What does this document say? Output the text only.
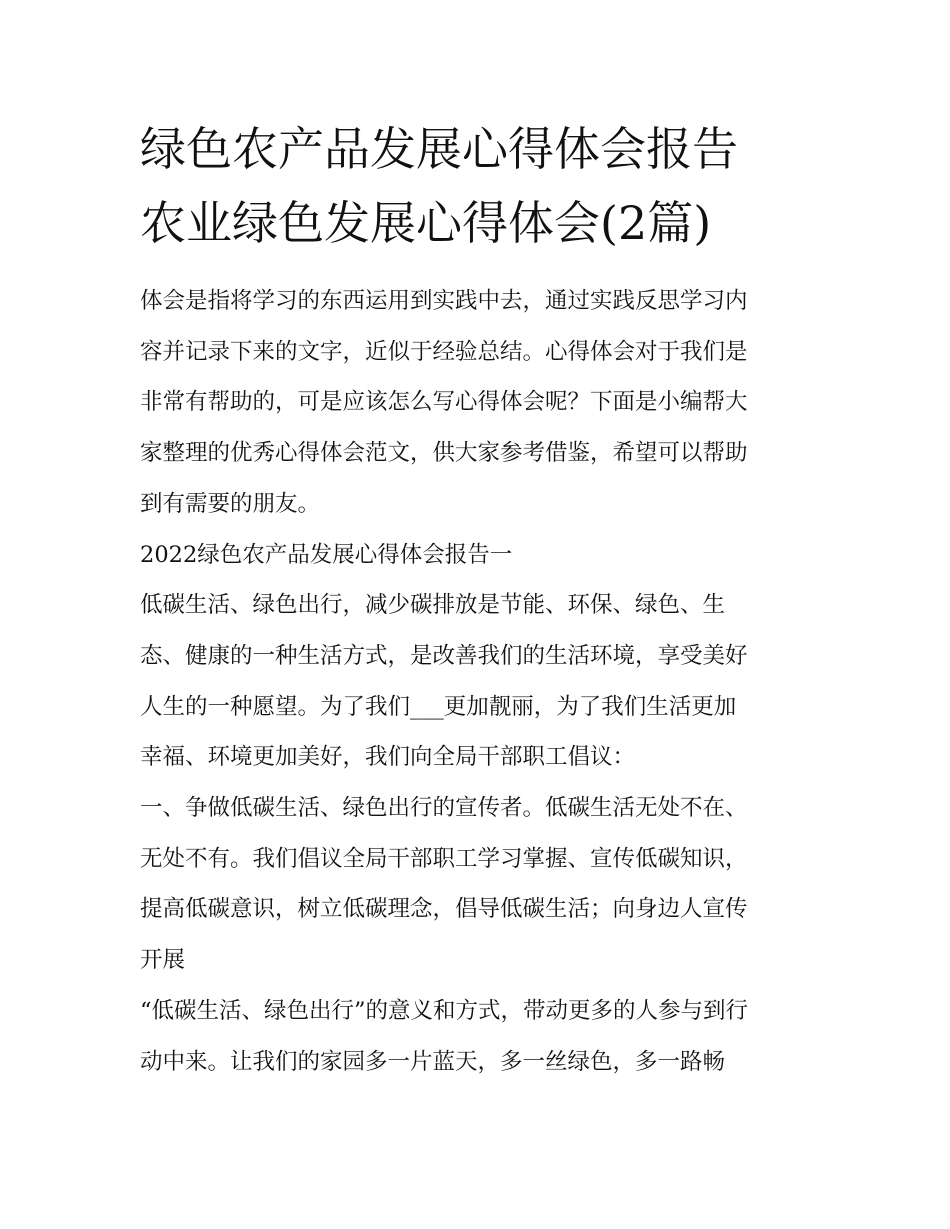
绿色农产品发展心得体会报告
农业绿色发展心得体会(2篇)

体会是指将学习的东西运用到实践中去，通过实践反思学习内

容并记录下来的文字，近似于经验总结。心得体会对于我们是

非常有帮助的，可是应该怎么写心得体会呢？下面是小编帮大

家整理的优秀心得体会范文，供大家参考借鉴，希望可以帮助

到有需要的朋友。

2022绿色农产品发展心得体会报告一

低碳生活、绿色出行，减少碳排放是节能、环保、绿色、生

态、健康的一种生活方式，是改善我们的生活环境，享受美好

人生的一种愿望。为了我们___更加靓丽，为了我们生活更加

幸福、环境更加美好，我们向全局干部职工倡议：

一、争做低碳生活、绿色出行的宣传者。低碳生活无处不在、

无处不有。我们倡议全局干部职工学习掌握、宣传低碳知识，

提高低碳意识，树立低碳理念，倡导低碳生活；向身边人宣传

开展

“低碳生活、绿色出行”的意义和方式，带动更多的人参与到行

动中来。让我们的家园多一片蓝天，多一丝绿色，多一路畅
